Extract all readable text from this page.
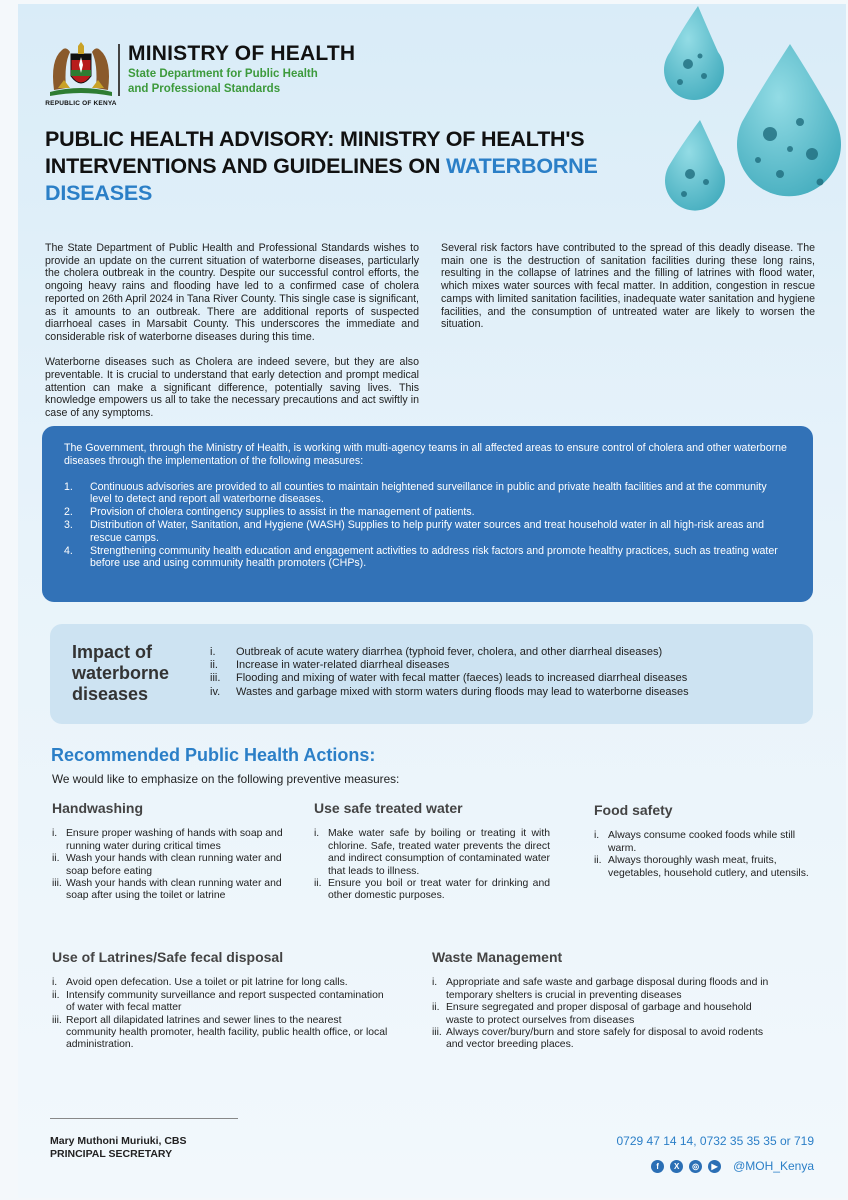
REPUBLIC OF KENYA
MINISTRY OF HEALTH
State Department for Public Health
and Professional Standards
PUBLIC HEALTH ADVISORY: MINISTRY OF HEALTH'S INTERVENTIONS AND GUIDELINES ON WATERBORNE DISEASES

The State Department of Public Health and Professional Standards wishes to provide an update on the current situation of waterborne diseases, particularly the cholera outbreak in the country. Despite our successful control efforts, the ongoing heavy rains and flooding have led to a confirmed case of cholera reported on 26th April 2024 in Tana River County. This single case is significant, as it amounts to an outbreak. There are additional reports of suspected diarrhoeal cases in Marsabit County. This underscores the immediate and considerable risk of waterborne diseases during this time.

Waterborne diseases such as Cholera are indeed severe, but they are also preventable. It is crucial to understand that early detection and prompt medical attention can make a significant difference, potentially saving lives. This knowledge empowers us all to take the necessary precautions and act swiftly in case of any symptoms.

Several risk factors have contributed to the spread of this deadly disease. The main one is the destruction of sanitation facilities during these long rains, resulting in the collapse of latrines and the filling of latrines with flood water, which mixes water sources with fecal matter. In addition, congestion in rescue camps with limited sanitation facilities, inadequate water sanitation and hygiene facilities, and the consumption of untreated water are likely to worsen the situation.

The Government, through the Ministry of Health, is working with multi-agency teams in all affected areas to ensure control of cholera and other waterborne diseases through the implementation of the following measures:

1.	Continuous advisories are provided to all counties to maintain heightened surveillance in public and private health facilities and at the community level to detect and report all waterborne diseases.
2.	Provision of cholera contingency supplies to assist in the management of patients.
3.	Distribution of Water, Sanitation, and Hygiene (WASH) Supplies to help purify water sources and treat household water in all high-risk areas and rescue camps.
4.	Strengthening community health education and engagement activities to address risk factors and promote healthy practices, such as treating water before use and using community health promoters (CHPs).
Impact of waterborne diseases
i.	Outbreak of acute watery diarrhea (typhoid fever, cholera, and other diarrheal diseases)
ii.	Increase in water-related diarrheal diseases
iii.	Flooding and mixing of water with fecal matter (faeces) leads to increased diarrheal diseases
iv.	Wastes and garbage mixed with storm waters during floods may lead to waterborne diseases
Recommended Public Health Actions:
We would like to emphasize on the following preventive measures:
Handwashing
i. Ensure proper washing of hands with soap and running water during critical times
ii. Wash your hands with clean running water and soap before eating
iii. Wash your hands with clean running water and soap after using the toilet or latrine
Use safe treated water
i. Make water safe by boiling or treating it with chlorine. Safe, treated water prevents the direct and indirect consumption of contaminated water that leads to illness.
ii. Ensure you boil or treat water for drinking and other domestic purposes.
Food safety
i. Always consume cooked foods while still warm.
ii. Always thoroughly wash meat, fruits, vegetables, household cutlery, and utensils.
Use of Latrines/Safe fecal disposal
i. Avoid open defecation. Use a toilet or pit latrine for long calls.
ii. Intensify community surveillance and report suspected contamination of water with fecal matter
iii. Report all dilapidated latrines and sewer lines to the nearest community health promoter, health facility, public health office, or local administration.
Waste Management
i. Appropriate and safe waste and garbage disposal during floods and in temporary shelters is crucial in preventing diseases
ii. Ensure segregated and proper disposal of garbage and household waste to protect ourselves from diseases
iii. Always cover/bury/burn and store safely for disposal to avoid rodents and vector breeding places.
Mary Muthoni Muriuki, CBS
PRINCIPAL SECRETARY
0729 47 14 14, 0732 35 35 35 or 719
f	X	◎	▶ @MOH_Kenya
